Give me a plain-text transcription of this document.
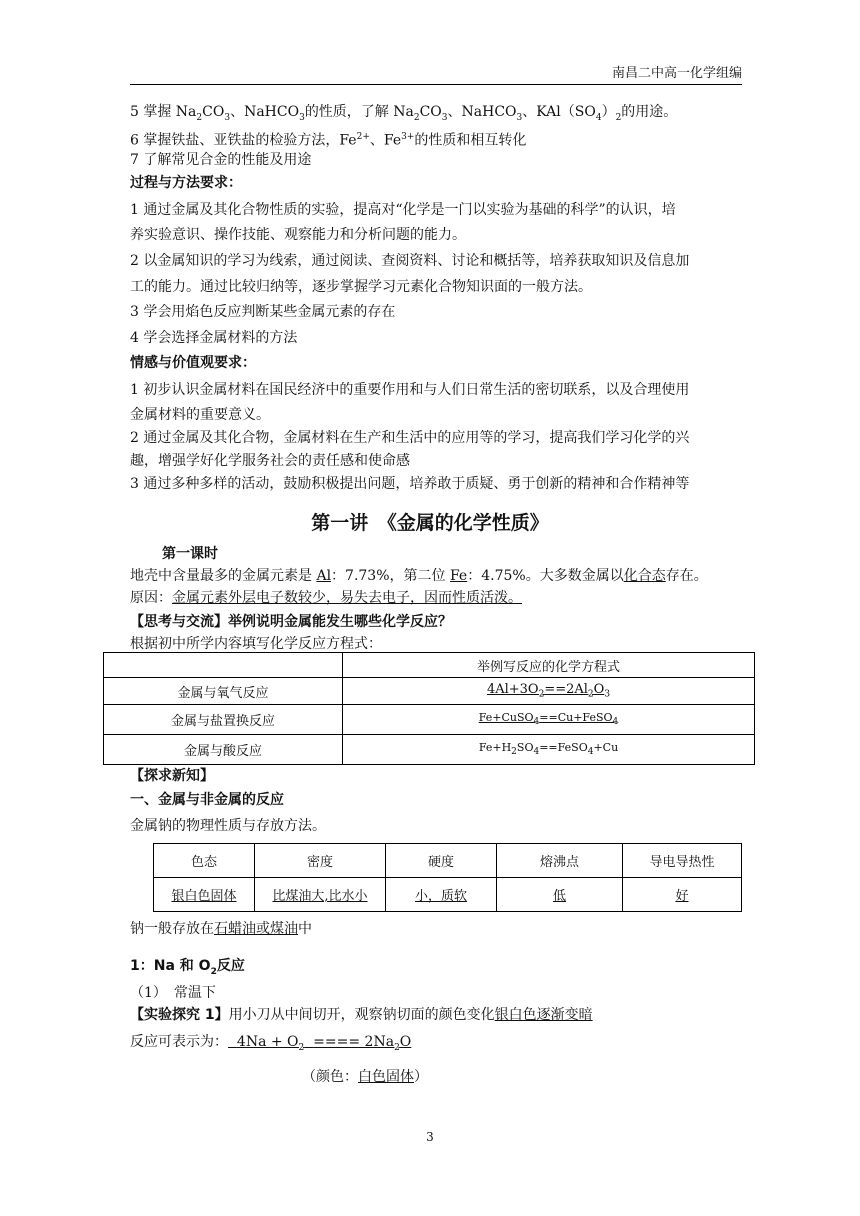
南昌二中高一化学组编
5 掌握 $Na_2CO_3$、NaHCO$_3$的性质，了解 $Na_2CO_3$、NaHCO$_3$、$KAl(SO_4)_2$的用途。
6 掌握铁盐、亚铁盐的检验方法，$Fe^{2+}$、$Fe^{3+}$的性质和相互转化
7 了解常见合金的性能及用途
过程与方法要求：
1 通过金属及其化合物性质的实验，提高对“化学是一门以实验为基础的科学”的认识，培
养实验意识、操作技能、观察能力和分析问题的能力。
2 以金属知识的学习为线索，通过阅读、查阅资料、讨论和概括等，培养获取知识及信息加
工的能力。通过比较归纳等，逐步掌握学习元素化合物知识面的一般方法。
3 学会用焰色反应判断某些金属元素的存在
4 学会选择金属材料的方法
情感与价值观要求：
1 初步认识金属材料在国民经济中的重要作用和与人们日常生活的密切联系，以及合理使用
金属材料的重要意义。
2 通过金属及其化合物，金属材料在生产和生活中的应用等的学习，提高我们学习化学的兴
趣，增强学好化学服务社会的责任感和使命感
3 通过多种多样的活动，鼓励积极提出问题，培养敢于质疑、勇于创新的精神和合作精神等
第一讲　《金属的化学性质》
第一课时
地壳中含量最多的金属元素是 Al：7.73%，第二位 Fe：4.75%。大多数金属以化合态存在。
原因：金属元素外层电子数较少，易失去电子，因而性质活泼。
【思考与交流】举例说明金属能发生哪些化学反应？
根据初中所学内容填写化学反应方程式：
	举例写反应的化学方程式
金属与氧气反应	$4Al+3O_2==2Al_2O_3$
金属与盐置换反应	Fe+CuSO$_4$==Cu+FeSO$_4$
金属与酸反应	$Fe+H_2SO_4==FeSO_4+Cu$
【探求新知】
一、金属与非金属的反应
金属钠的物理性质与存放方法。
色态	密度	硬度	熔沸点	导电导热性
银白色固体	比煤油大,比水小	小，质软	低	好
钠一般存放在石蜡油或煤油中
1：Na 和 $O_2$反应
（1）　常温下
【实验探究 1】用小刀从中间切开，观察钠切面的颜色变化银白色逐渐变暗
反应可表示为： $4Na + O_2$ ==== $2Na_2O$
（颜色：白色固体）
3
